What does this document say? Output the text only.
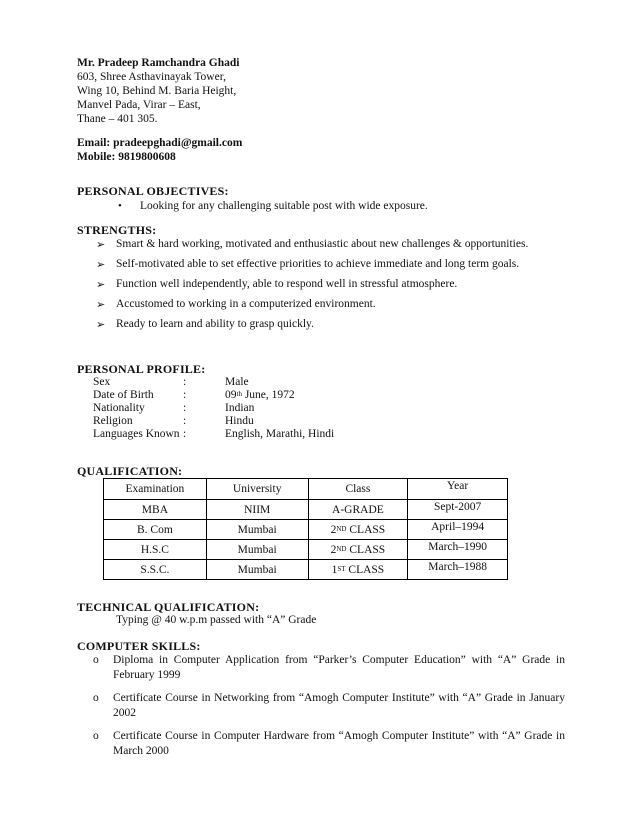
Mr. Pradeep Ramchandra Ghadi
603, Shree Asthavinayak Tower,
Wing 10, Behind M. Baria Height,
Manvel Pada, Virar – East,
Thane – 401 305.
Email: pradeepghadi@gmail.com
Mobile: 9819800608
PERSONAL OBJECTIVES:
•	Looking for any challenging suitable post with wide exposure.
STRENGTHS:
➢ Smart & hard working, motivated and enthusiastic about new challenges & opportunities.
➢ Self-motivated able to set effective priorities to achieve immediate and long term goals.
➢ Function well independently, able to respond well in stressful atmosphere.
➢ Accustomed to working in a computerized environment.
➢ Ready to learn and ability to grasp quickly.
PERSONAL PROFILE:
Sex	:	Male
Date of Birth	:	09th June, 1972
Nationality	:	Indian
Religion	:	Hindu
Languages Known :	English, Marathi, Hindi
QUALIFICATION:
Examination	University	Class	Year
MBA	NIIM	A-GRADE	Sept-2007
B. Com	Mumbai	2ND CLASS	April–1994
H.S.C	Mumbai	2ND CLASS	March–1990
S.S.C.	Mumbai	1ST CLASS	March–1988
TECHNICAL QUALIFICATION:
Typing @ 40 w.p.m passed with “A” Grade
COMPUTER SKILLS:
o	Diploma in Computer Application from “Parker’s Computer Education” with “A” Grade in
February 1999
o	Certificate Course in Networking from “Amogh Computer Institute” with “A” Grade in January
2002
o	Certificate Course in Computer Hardware from “Amogh Computer Institute” with “A” Grade in
March 2000
